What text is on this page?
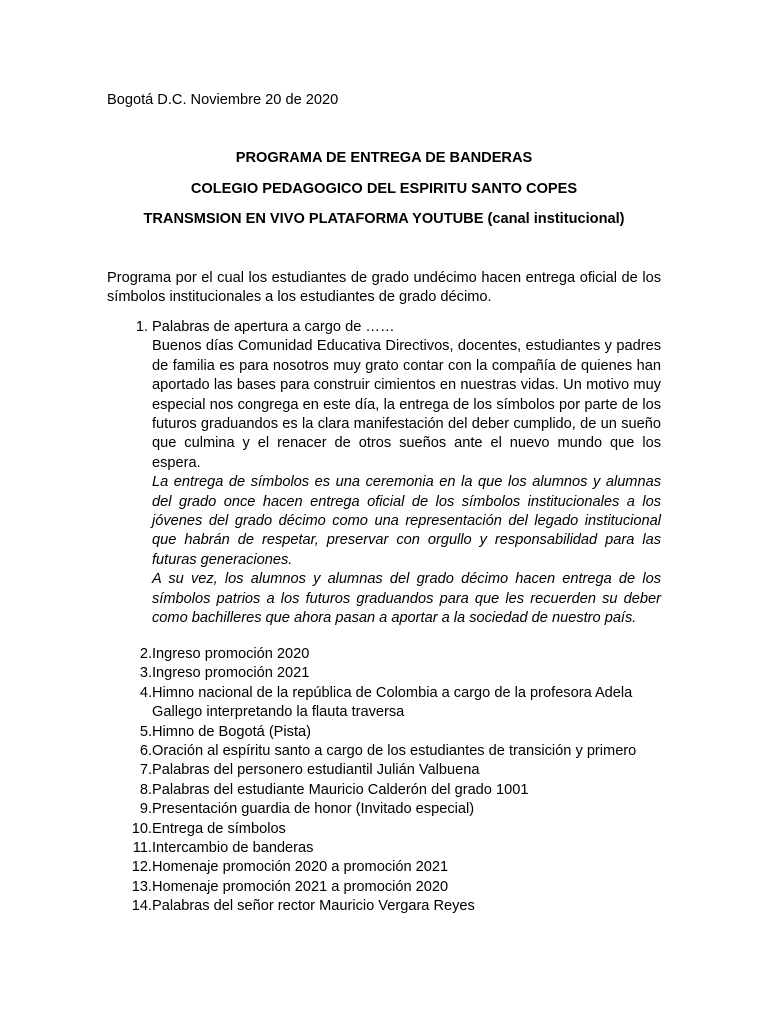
Bogotá D.C. Noviembre 20 de 2020
PROGRAMA DE ENTREGA DE BANDERAS
COLEGIO PEDAGOGICO DEL ESPIRITU SANTO COPES
TRANSMSION EN VIVO PLATAFORMA YOUTUBE (canal institucional)
Programa por el cual los estudiantes de grado undécimo hacen entrega oficial de los símbolos institucionales a los estudiantes de grado décimo.
1. Palabras de apertura a cargo de ……

Buenos días Comunidad Educativa Directivos, docentes, estudiantes y padres de familia es para nosotros muy grato contar con la compañía de quienes han aportado las bases para construir cimientos en nuestras vidas. Un motivo muy especial nos congrega en este día, la entrega de los símbolos por parte de los futuros graduandos es la clara manifestación del deber cumplido, de un sueño que culmina y el renacer de otros sueños ante el nuevo mundo que los espera.

La entrega de símbolos es una ceremonia en la que los alumnos y alumnas del grado once hacen entrega oficial de los símbolos institucionales a los jóvenes del grado décimo como una representación del legado institucional que habrán de respetar, preservar con orgullo y responsabilidad para las futuras generaciones.

A su vez, los alumnos y alumnas del grado décimo hacen entrega de los símbolos patrios a los futuros graduandos para que les recuerden su deber como bachilleres que ahora pasan a aportar a la sociedad de nuestro país.

2. Ingreso promoción 2020
3. Ingreso promoción 2021
4. Himno nacional de la república de Colombia a cargo de la profesora Adela Gallego interpretando la flauta traversa
5. Himno de Bogotá (Pista)
6. Oración al espíritu santo a cargo de los estudiantes de transición y primero
7. Palabras del personero estudiantil Julián Valbuena
8. Palabras del estudiante Mauricio Calderón del grado 1001
9. Presentación guardia de honor (Invitado especial)
10. Entrega de símbolos
11. Intercambio de banderas
12. Homenaje promoción 2020 a promoción 2021
13. Homenaje promoción 2021 a promoción 2020
14. Palabras del señor rector Mauricio Vergara Reyes
